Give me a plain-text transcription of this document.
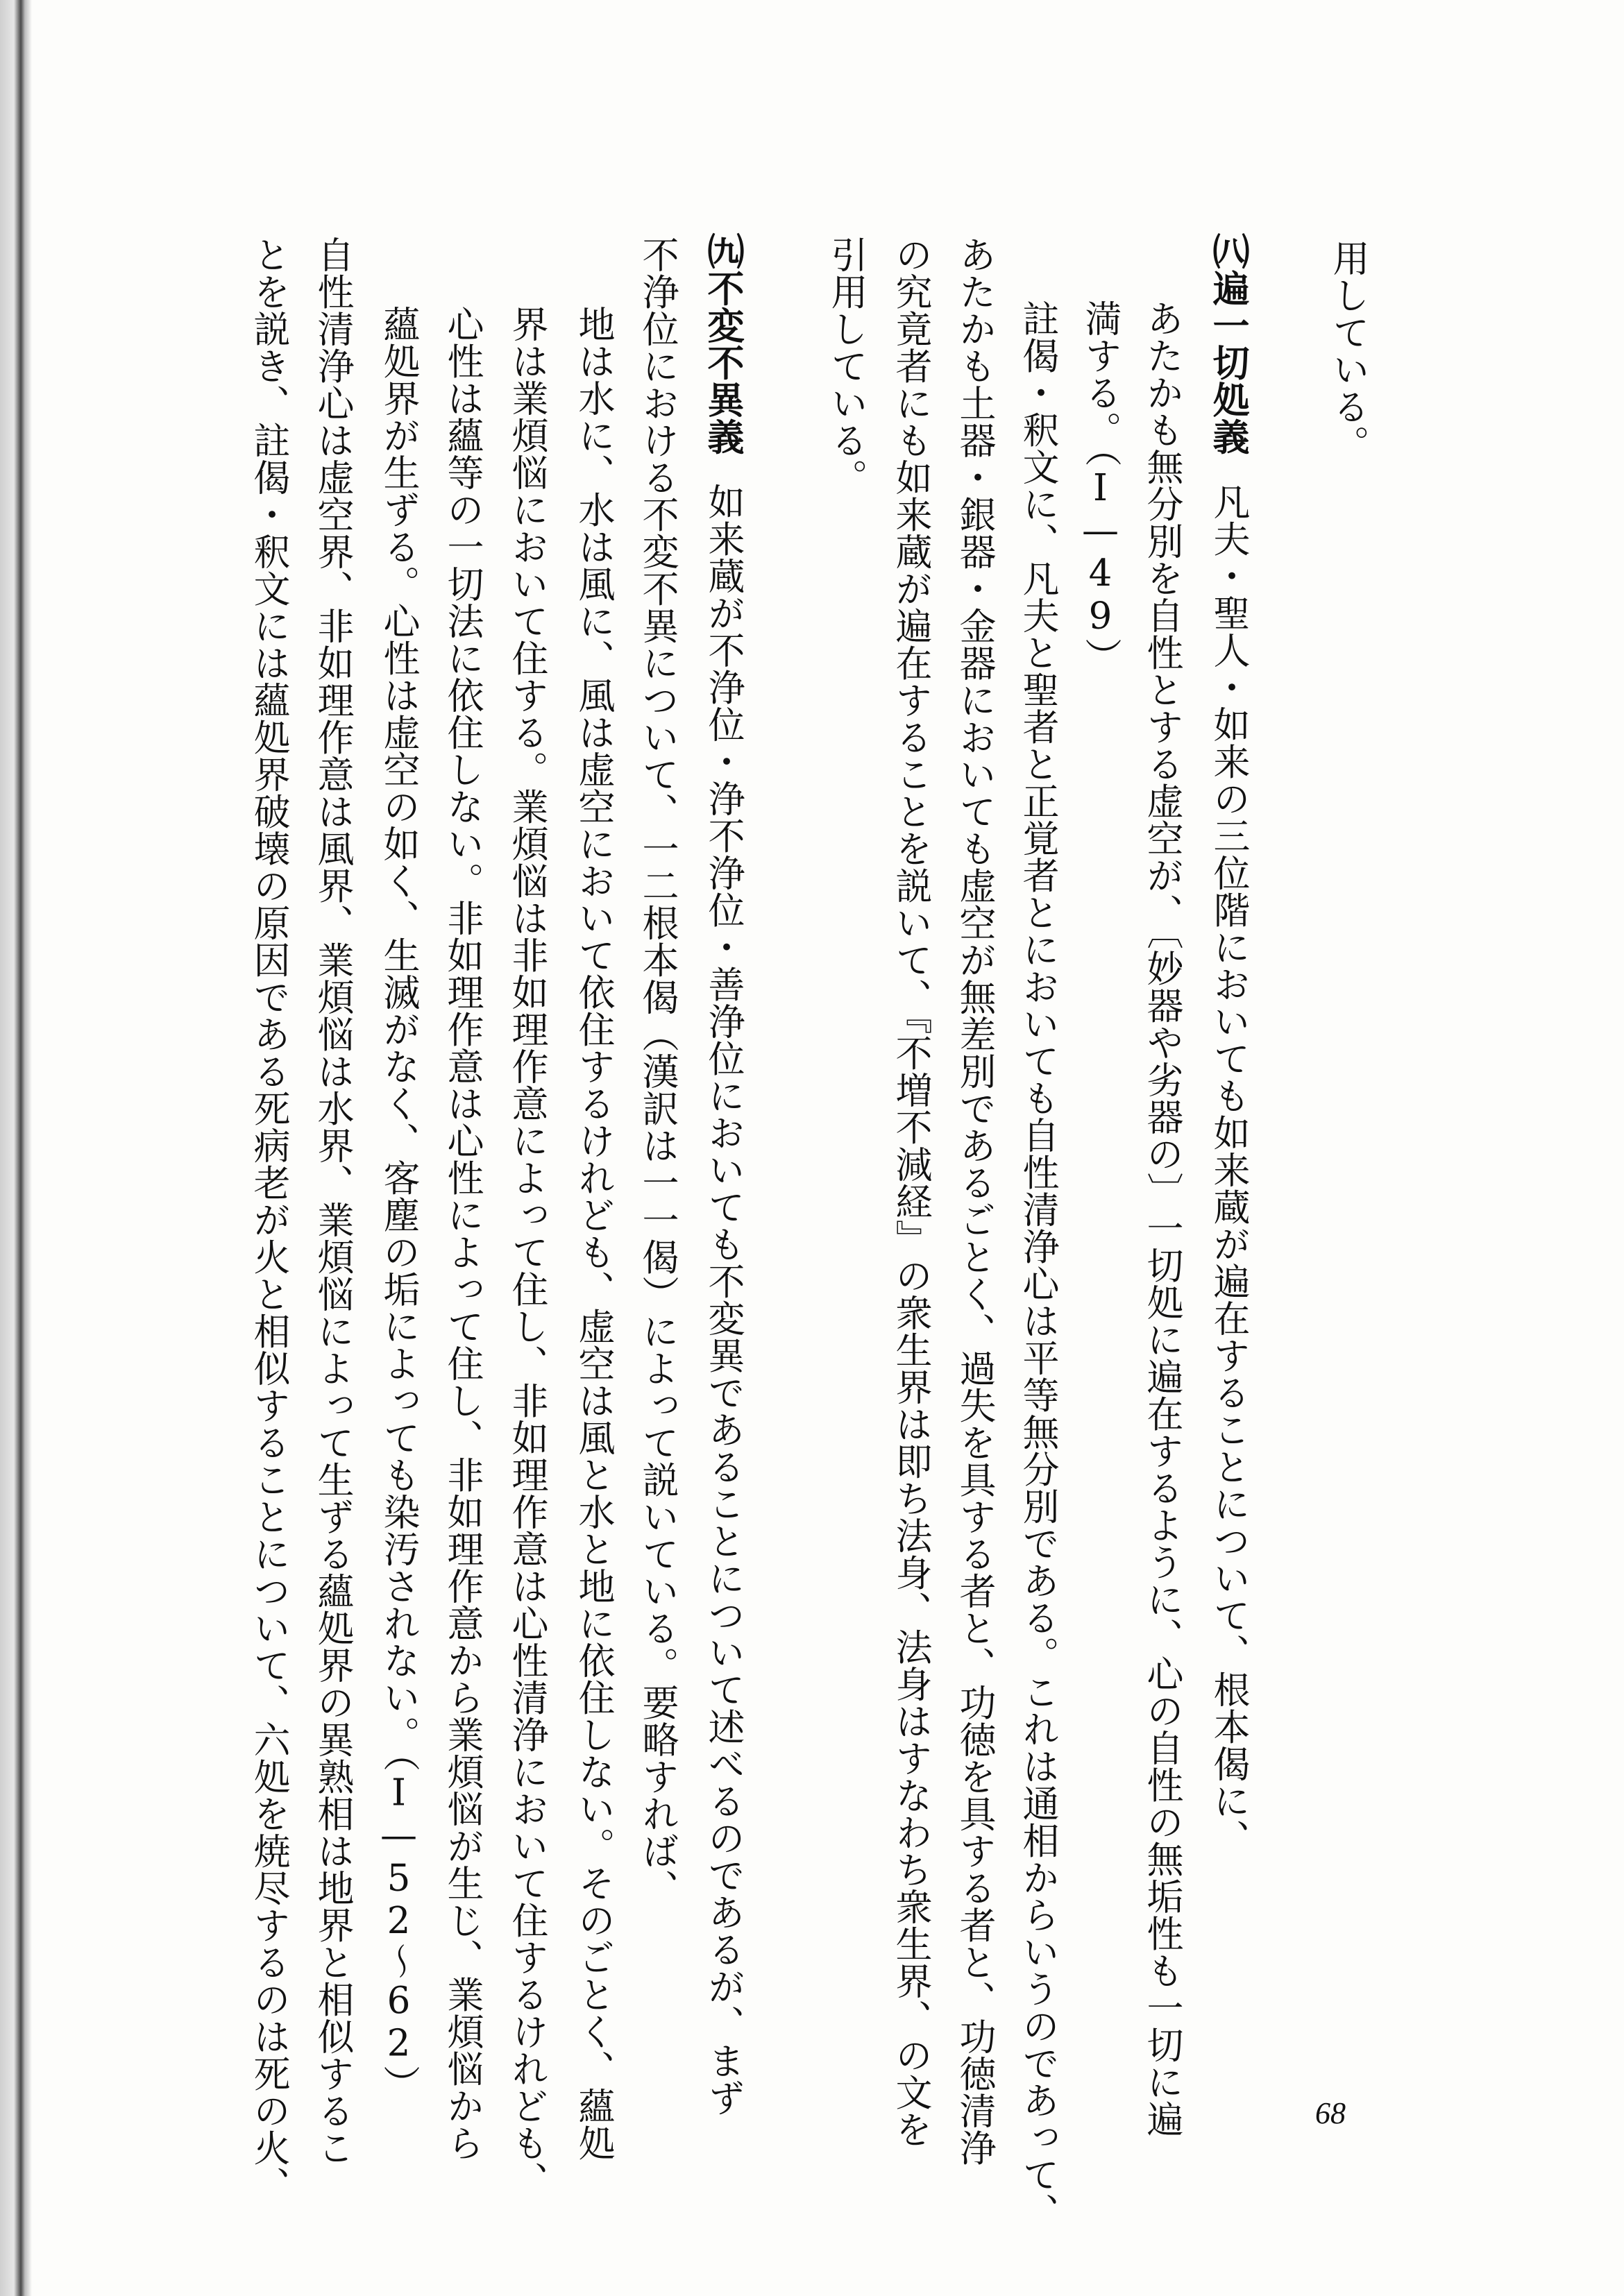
用している。
㈧遍一切処義凡夫・聖人・如来の三位階においても如来蔵が遍在することについて、根本偈に、
あたかも無分別を自性とする虚空が、〔妙器や劣器の〕一切処に遍在するように、心の自性の無垢性も一切に遍
満する。（Ⅰ—49）
註偈・釈文に、凡夫と聖者と正覚者とにおいても自性清浄心は平等無分別である。これは通相からいうのであって、
あたかも土器・銀器・金器においても虚空が無差別であるごとく、過失を具する者と、功徳を具する者と、功徳清浄
の究竟者にも如来蔵が遍在することを説いて、『不増不減経』の衆生界は即ち法身、法身はすなわち衆生界、の文を
引用している。
㈨不変不異義如来蔵が不浄位・浄不浄位・善浄位においても不変異であることについて述べるのであるが、まず
不浄位における不変不異について、一二根本偈（漢訳は一一偈）によって説いている。要略すれば、
地は水に、水は風に、風は虚空において依住するけれども、虚空は風と水と地に依住しない。そのごとく、蘊処
界は業煩悩において住する。業煩悩は非如理作意によって住し、非如理作意は心性清浄において住するけれども、
心性は蘊等の一切法に依住しない。非如理作意は心性によって住し、非如理作意から業煩悩が生じ、業煩悩から
蘊処界が生ずる。心性は虚空の如く、生滅がなく、客塵の垢によっても染汚されない。（Ⅰ—52〜62）
自性清浄心は虚空界、非如理作意は風界、業煩悩は水界、業煩悩によって生ずる蘊処界の異熟相は地界と相似するこ
とを説き、註偈・釈文には蘊処界破壊の原因である死病老が火と相似することについて、六処を焼尽するのは死の火、	68
